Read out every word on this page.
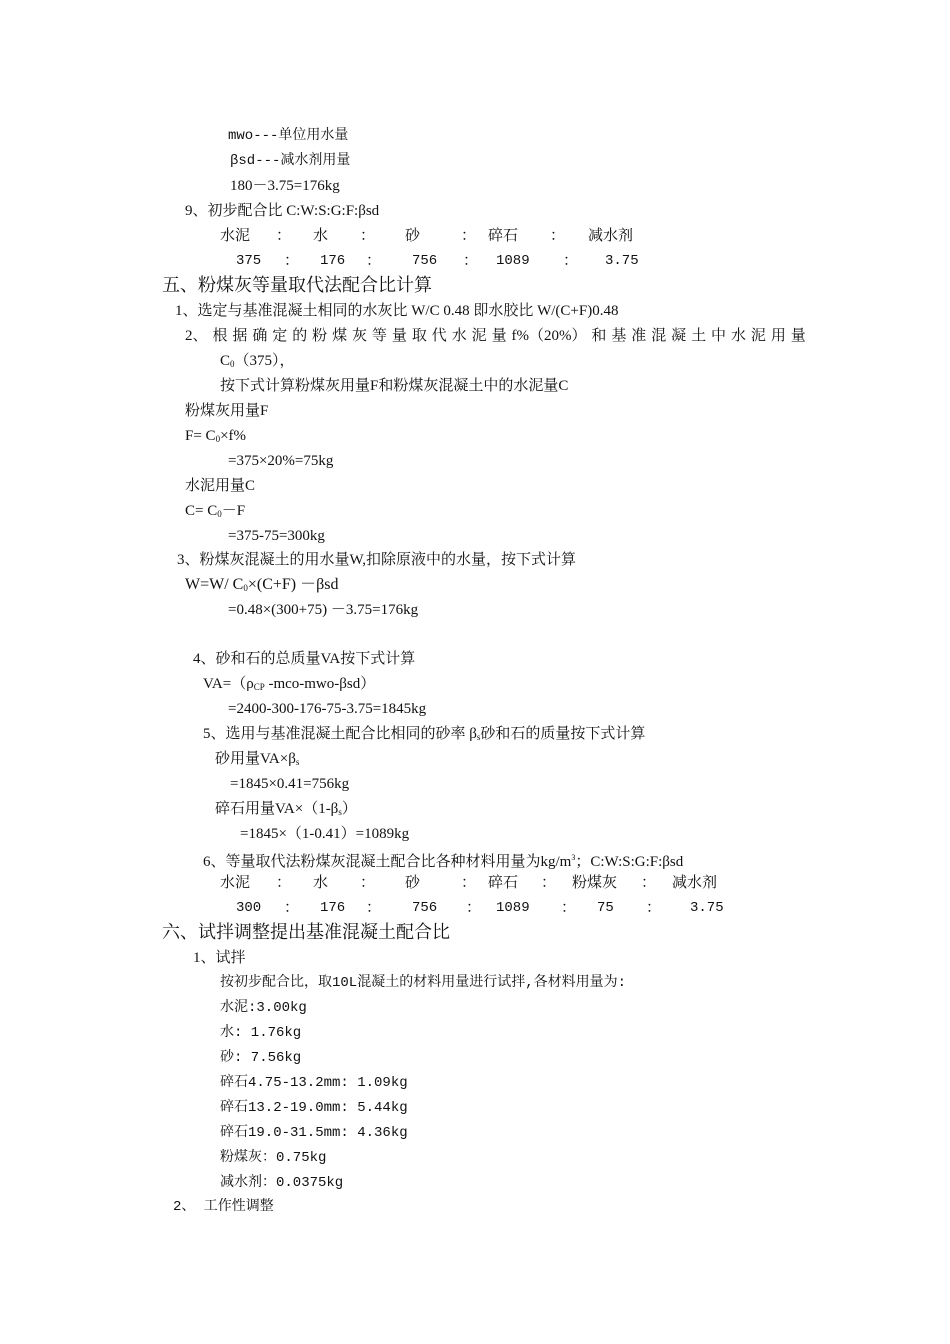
mwo---单位用水量
βsd---减水剂用量
180－3.75=176kg
9、初步配合比 C:W:S:G:F:βsd
水泥 ： 水 ： 砂	： 碎石 ： 减水剂
375 ： 176 ： 756 ： 1089 ： 3.75
五、粉煤灰等量取代法配合比计算
1、选定与基准混凝土相同的水灰比 W/C 0.48 即水胶比 W/(C+F)0.48
2、 根 据 确 定 的 粉 煤 灰 等 量 取 代 水 泥 量 f%（20%） 和 基 准 混 凝 土 中 水 泥 用 量
$C_0(375)$，
按下式计算粉煤灰用量F和粉煤灰混凝土中的水泥量C
粉煤灰用量F
$F= C_0\times f\%$
=375×20%=75kg
水泥用量C
$C= C_0-F$
=375-75=300kg
3、粉煤灰混凝土的用水量W,扣除原液中的水量，按下式计算
W=W/ $C_0\times(C+F) -\beta sd$
=0.48×(300+75) －3.75=176kg
4、砂和石的总质量VA按下式计算
$VA=(\rho_{CP}$ -mco-mwo-βsd）
=2400-300-176-75-3.75=1845kg
5、选用与基准混凝土配合比相同的砂率 $\beta_s$砂和石的质量按下式计算
砂用量$VA\times\beta_s$
=1845×0.41=756kg
碎石用量$VA\times(1-\beta_s)$
=1845×（1-0.41）=1089kg
6、等量取代法粉煤灰混凝土配合比各种材料用量为$kg/m^3$；C:W:S:G:F:βsd
水泥 ： 水 ： 砂	： 碎石 ： 粉煤灰 ： 减水剂
300 ： 176 ： 756 ： 1089 ： 75 ： 3.75
六、试拌调整提出基准混凝土配合比
1、试拌
按初步配合比，取10L混凝土的材料用量进行试拌,各材料用量为:
水泥:3.00kg
水: 1.76kg
砂: 7.56kg
碎石4.75-13.2mm: 1.09kg
碎石13.2-19.0mm: 5.44kg
碎石19.0-31.5mm: 4.36kg
粉煤灰：0.75kg
减水剂：0.0375kg
2、 工作性调整
